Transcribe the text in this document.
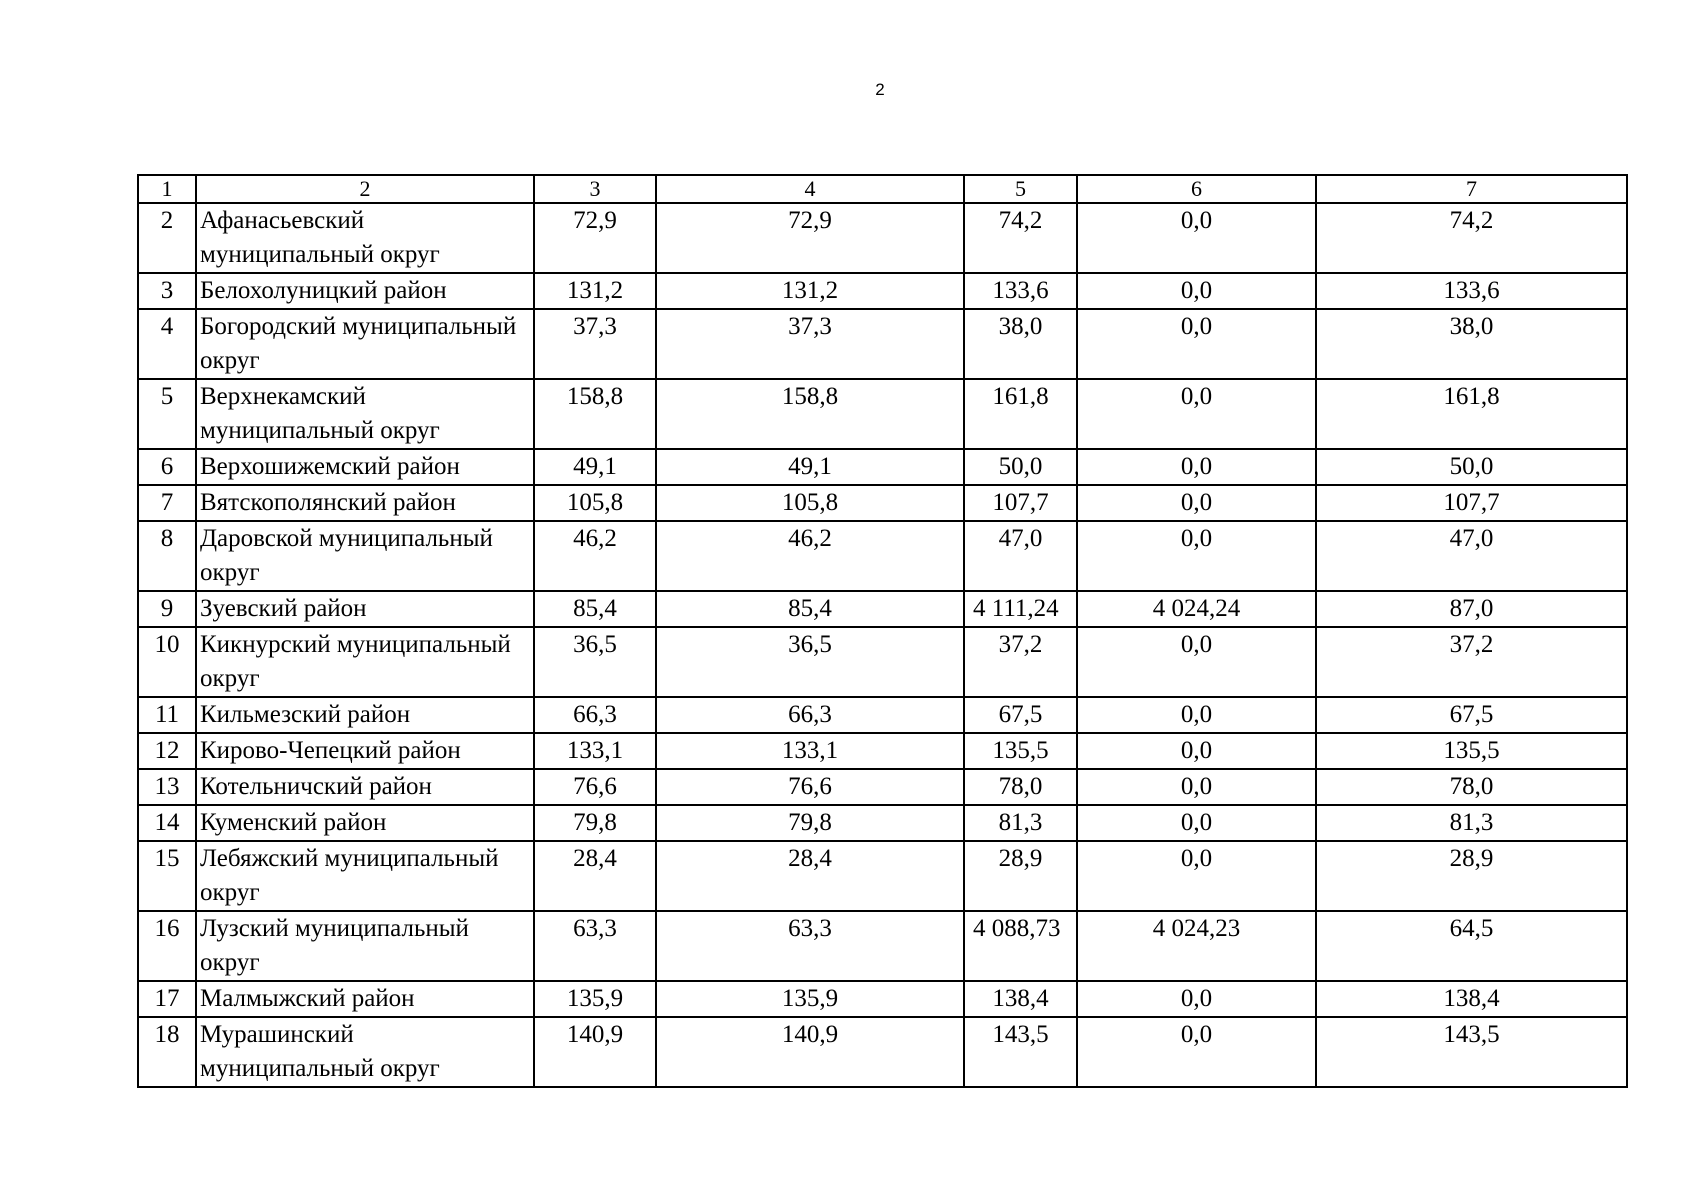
2
1	2	3	4	5	6	7
2	Афанасьевский муниципальный округ	72,9	72,9	74,2	0,0	74,2
3	Белохолуницкий район	131,2	131,2	133,6	0,0	133,6
4	Богородский муниципальный округ	37,3	37,3	38,0	0,0	38,0
5	Верхнекамский муниципальный округ	158,8	158,8	161,8	0,0	161,8
6	Верхошижемский район	49,1	49,1	50,0	0,0	50,0
7	Вятскополянский район	105,8	105,8	107,7	0,0	107,7
8	Даровской муниципальный округ	46,2	46,2	47,0	0,0	47,0
9	Зуевский район	85,4	85,4	4 111,24	4 024,24	87,0
10	Кикнурский муниципальный округ	36,5	36,5	37,2	0,0	37,2
11	Кильмезский район	66,3	66,3	67,5	0,0	67,5
12	Кирово-Чепецкий район	133,1	133,1	135,5	0,0	135,5
13	Котельничский район	76,6	76,6	78,0	0,0	78,0
14	Куменский район	79,8	79,8	81,3	0,0	81,3
15	Лебяжский муниципальный округ	28,4	28,4	28,9	0,0	28,9
16	Лузский муниципальный округ	63,3	63,3	4 088,73	4 024,23	64,5
17	Малмыжский район	135,9	135,9	138,4	0,0	138,4
18	Мурашинский муниципальный округ	140,9	140,9	143,5	0,0	143,5
